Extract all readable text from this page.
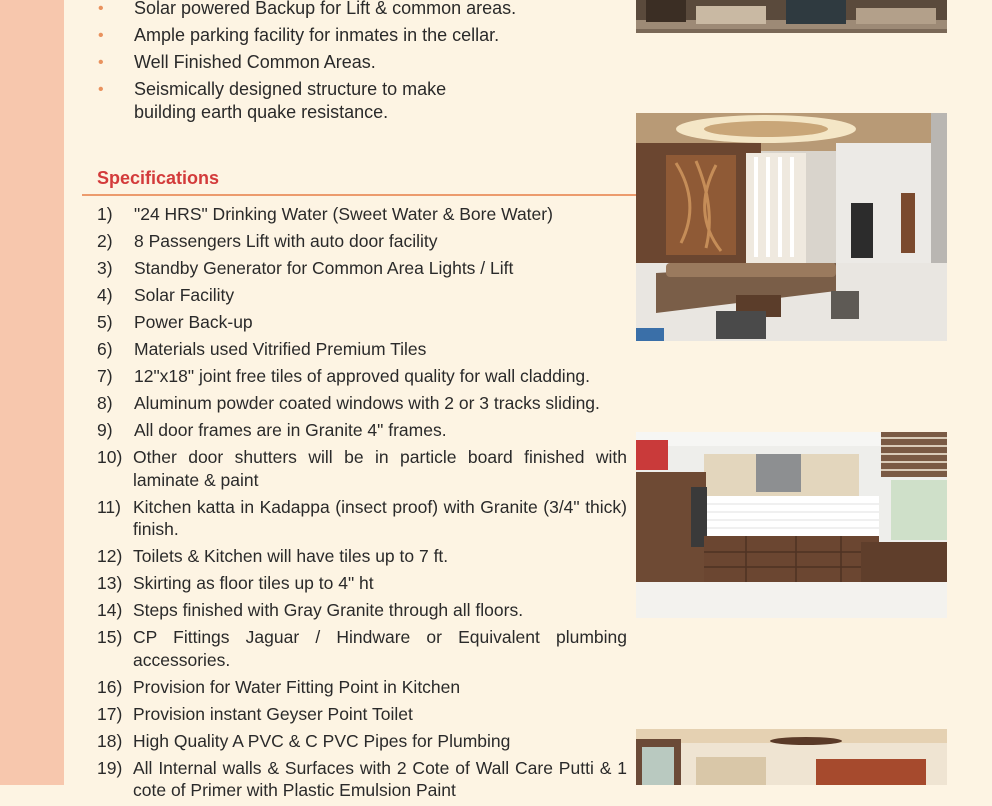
• Solar powered Backup for Lift & common areas.
• Ample parking facility for inmates in the cellar.
• Well Finished Common Areas.
• Seismically designed structure to make building earth quake resistance.
Specifications
1) "24 HRS" Drinking Water (Sweet Water & Bore Water)
2) 8 Passengers Lift with auto door facility
3) Standby Generator for Common Area Lights / Lift
4) Solar Facility
5) Power Back-up
6) Materials used Vitrified Premium Tiles
7) 12"x18" joint free tiles of approved quality for wall cladding.
8) Aluminum powder coated windows with 2 or 3 tracks sliding.
9) All door frames are in Granite 4" frames.
10) Other door shutters will be in particle board finished with laminate & paint
11) Kitchen katta in Kadappa (insect proof) with Granite (3/4" thick) finish.
12) Toilets & Kitchen will have tiles up to 7 ft.
13) Skirting as floor tiles up to 4" ht
14) Steps finished with Gray Granite through all floors.
15) CP Fittings Jaguar / Hindware or Equivalent plumbing accessories.
16) Provision for Water Fitting Point in Kitchen
17) Provision instant Geyser Point Toilet
18) High Quality A PVC & C PVC Pipes for Plumbing
19) All Internal walls & Surfaces with 2 Cote of Wall Care Putti & 1 cote of Primer with Plastic Emulsion Paint
